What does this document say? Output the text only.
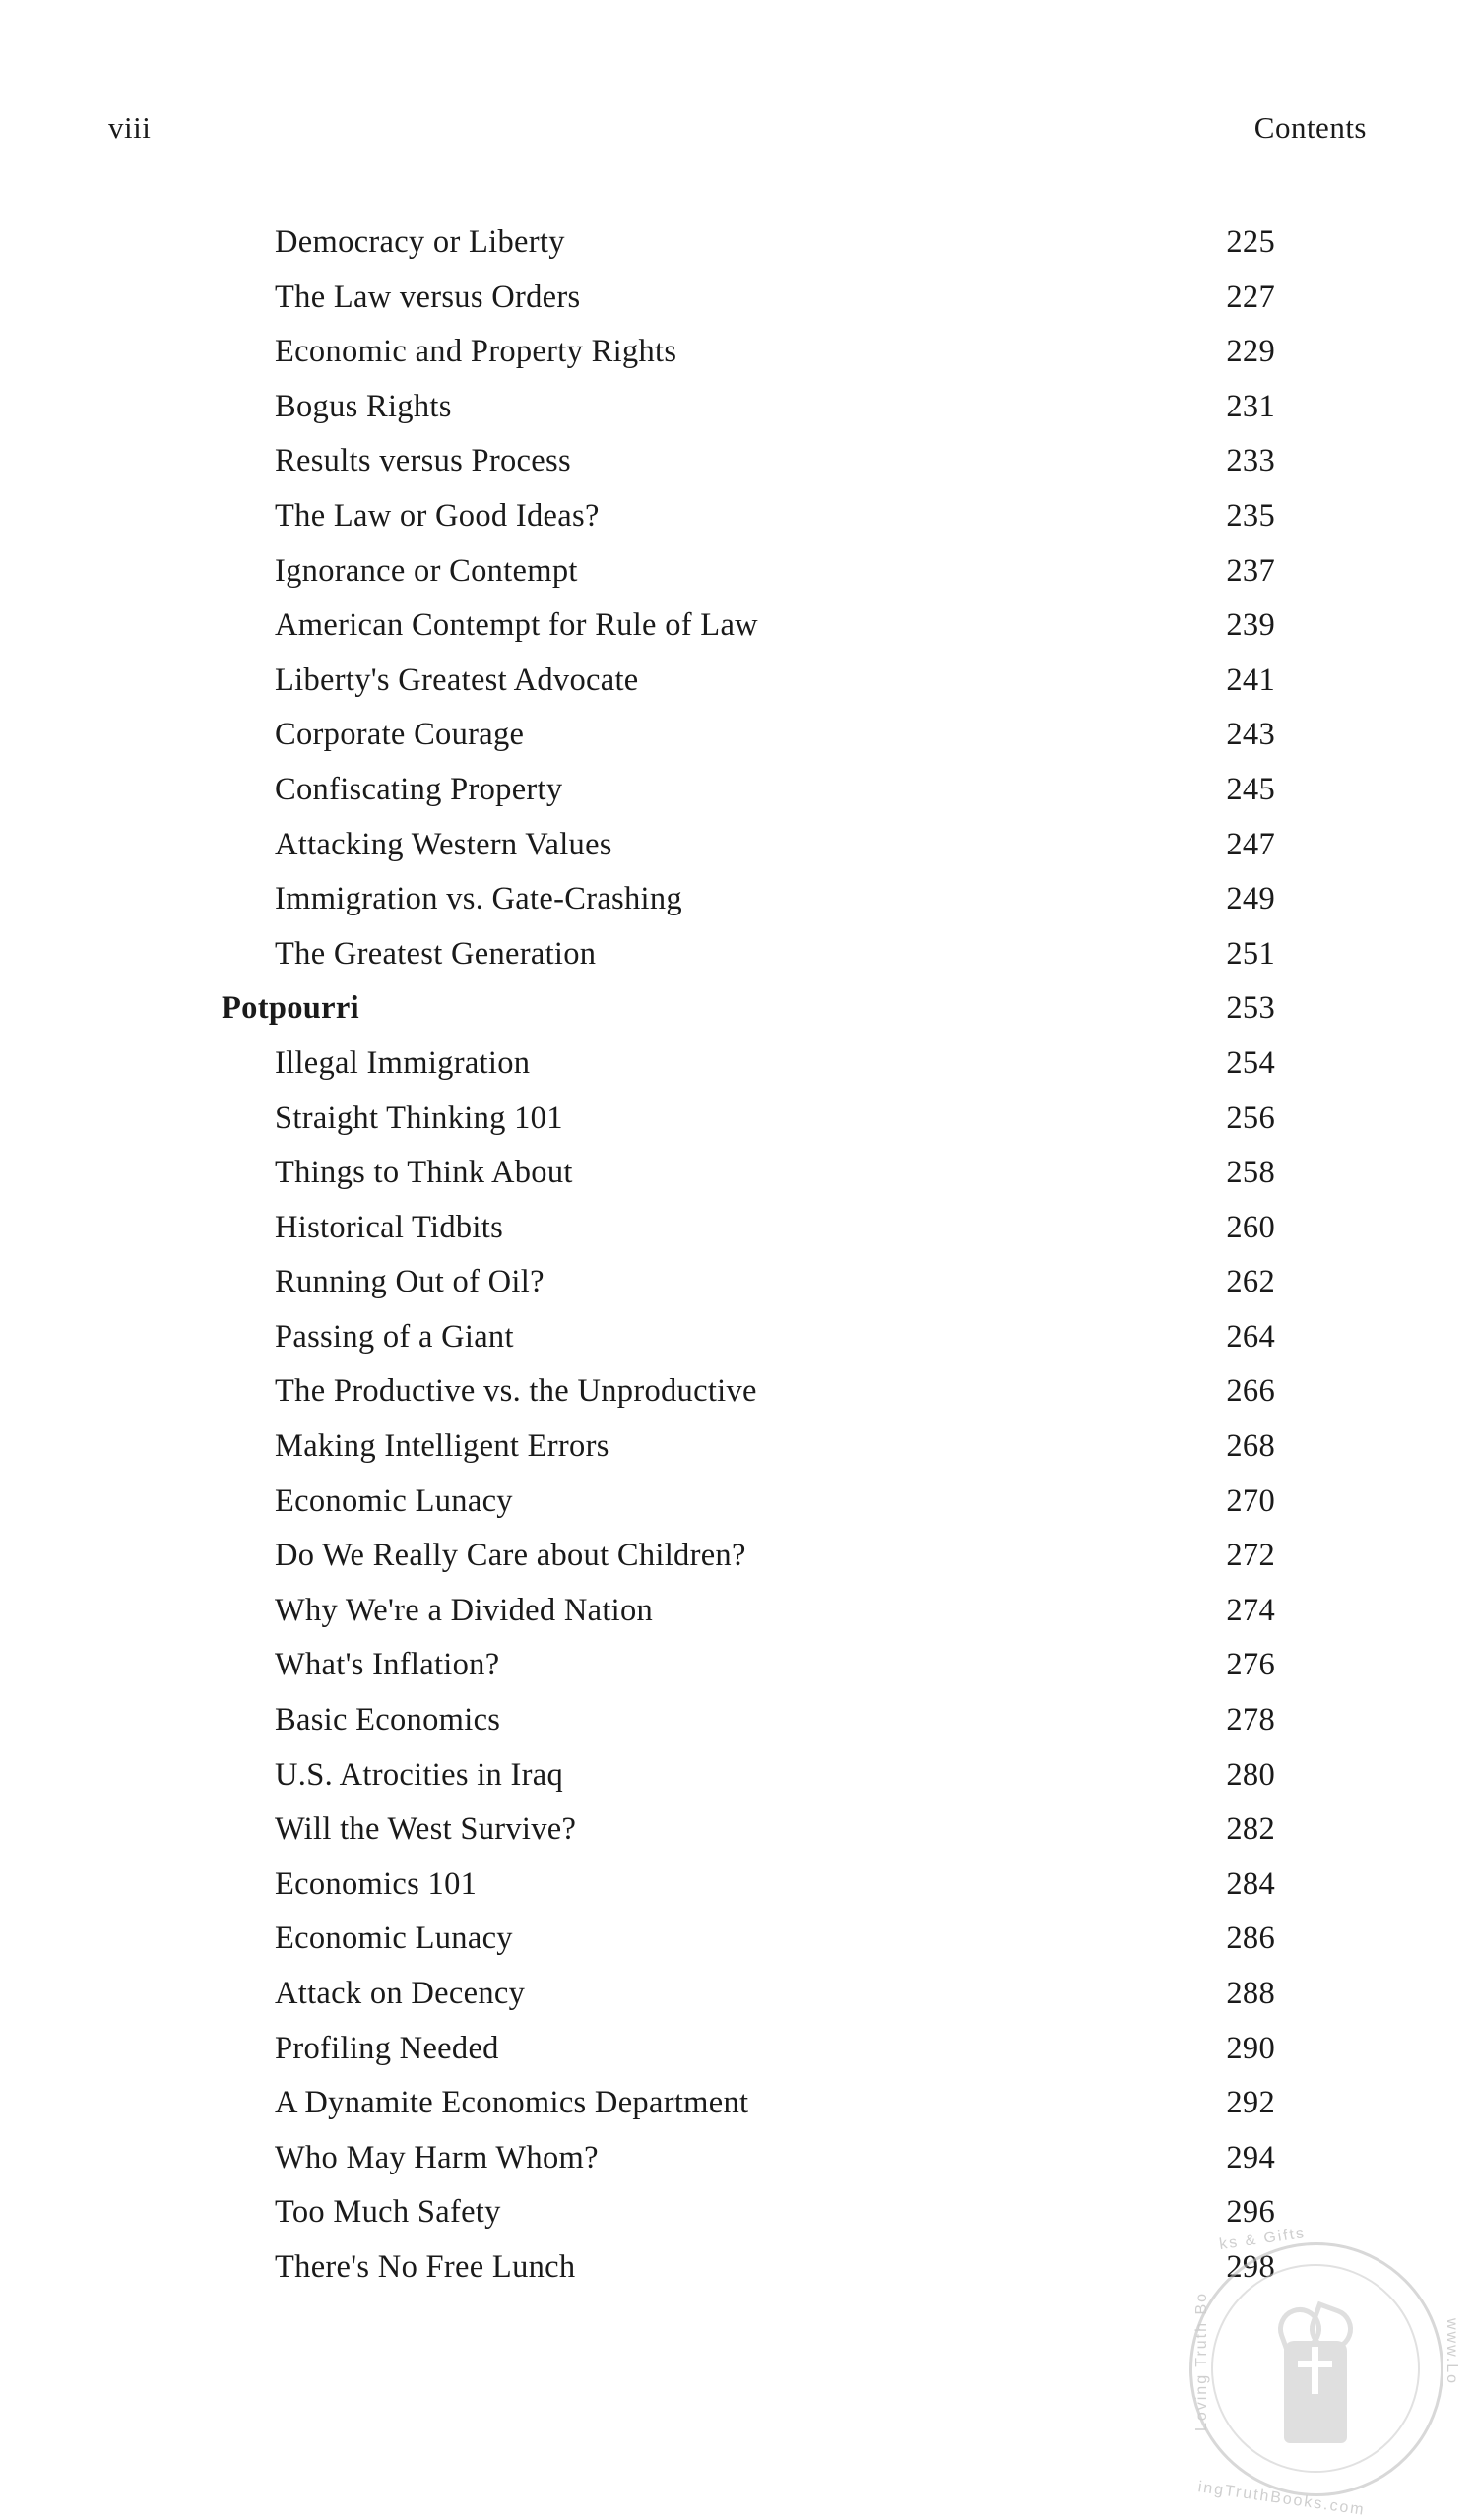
viii	Contents
Democracy or Liberty	225
The Law versus Orders	227
Economic and Property Rights	229
Bogus Rights	231
Results versus Process	233
The Law or Good Ideas?	235
Ignorance or Contempt	237
American Contempt for Rule of Law	239
Liberty's Greatest Advocate	241
Corporate Courage	243
Confiscating Property	245
Attacking Western Values	247
Immigration vs. Gate-Crashing	249
The Greatest Generation	251
Potpourri	253
Illegal Immigration	254
Straight Thinking 101	256
Things to Think About	258
Historical Tidbits	260
Running Out of Oil?	262
Passing of a Giant	264
The Productive vs. the Unproductive	266
Making Intelligent Errors	268
Economic Lunacy	270
Do We Really Care about Children?	272
Why We're a Divided Nation	274
What's Inflation?	276
Basic Economics	278
U.S. Atrocities in Iraq	280
Will the West Survive?	282
Economics 101	284
Economic Lunacy	286
Attack on Decency	288
Profiling Needed	290
A Dynamite Economics Department	292
Who May Harm Whom?	294
Too Much Safety	296
There's No Free Lunch	298
ks & Gifts
www.Lo
ingTruthBooks.com
Loving Truth Bo
